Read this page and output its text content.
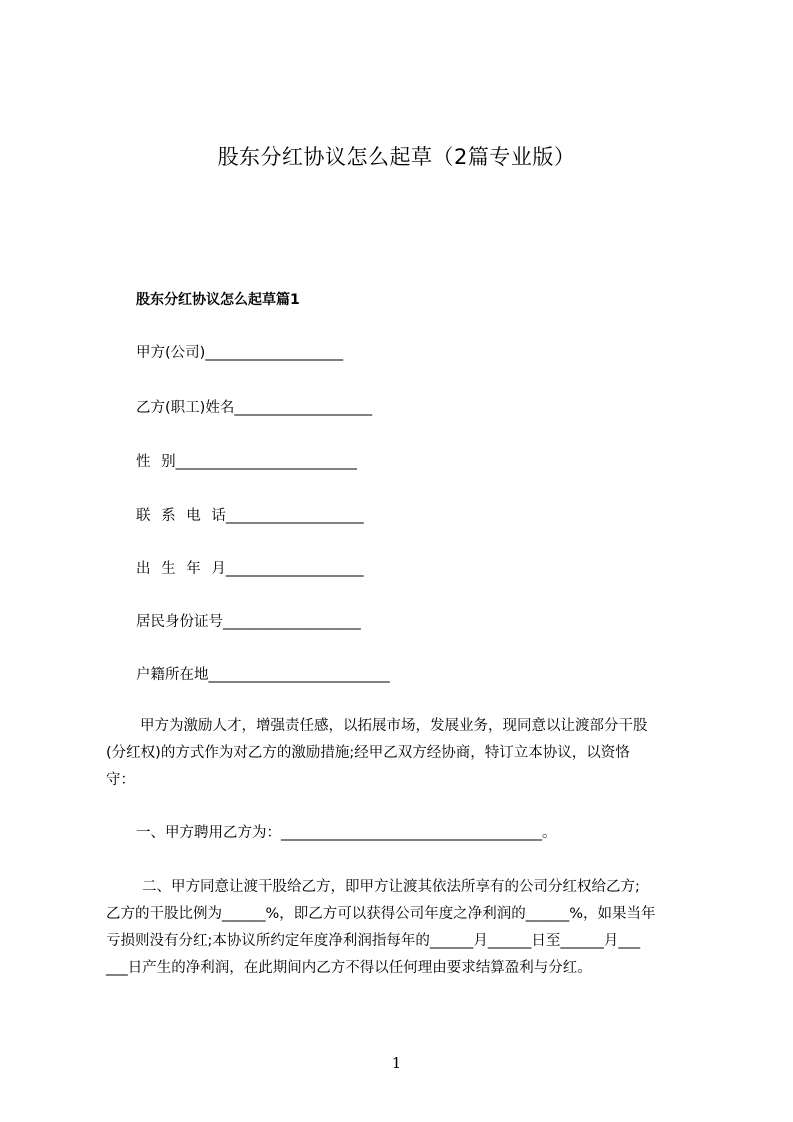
股东分红协议怎么起草（2篇专业版）
股东分红协议怎么起草篇1
甲方(公司)___________________
乙方(职工)姓名___________________
性 别_________________________
联 系 电 话___________________
出 生 年 月___________________
居民身份证号___________________
户籍所在地_________________________
甲方为激励人才，增强责任感，以拓展市场，发展业务，现同意以让渡部分干股
(分红权)的方式作为对乙方的激励措施;经甲乙双方经协商，特订立本协议，以资恪
守：
一、甲方聘用乙方为：____________________________________。
二、甲方同意让渡干股给乙方，即甲方让渡其依法所享有的公司分红权给乙方;
乙方的干股比例为______%，即乙方可以获得公司年度之净利润的______%，如果当年
亏损则没有分红;本协议所约定年度净利润指每年的______月______日至______月___
___日产生的净利润，在此期间内乙方不得以任何理由要求结算盈利与分红。
1
